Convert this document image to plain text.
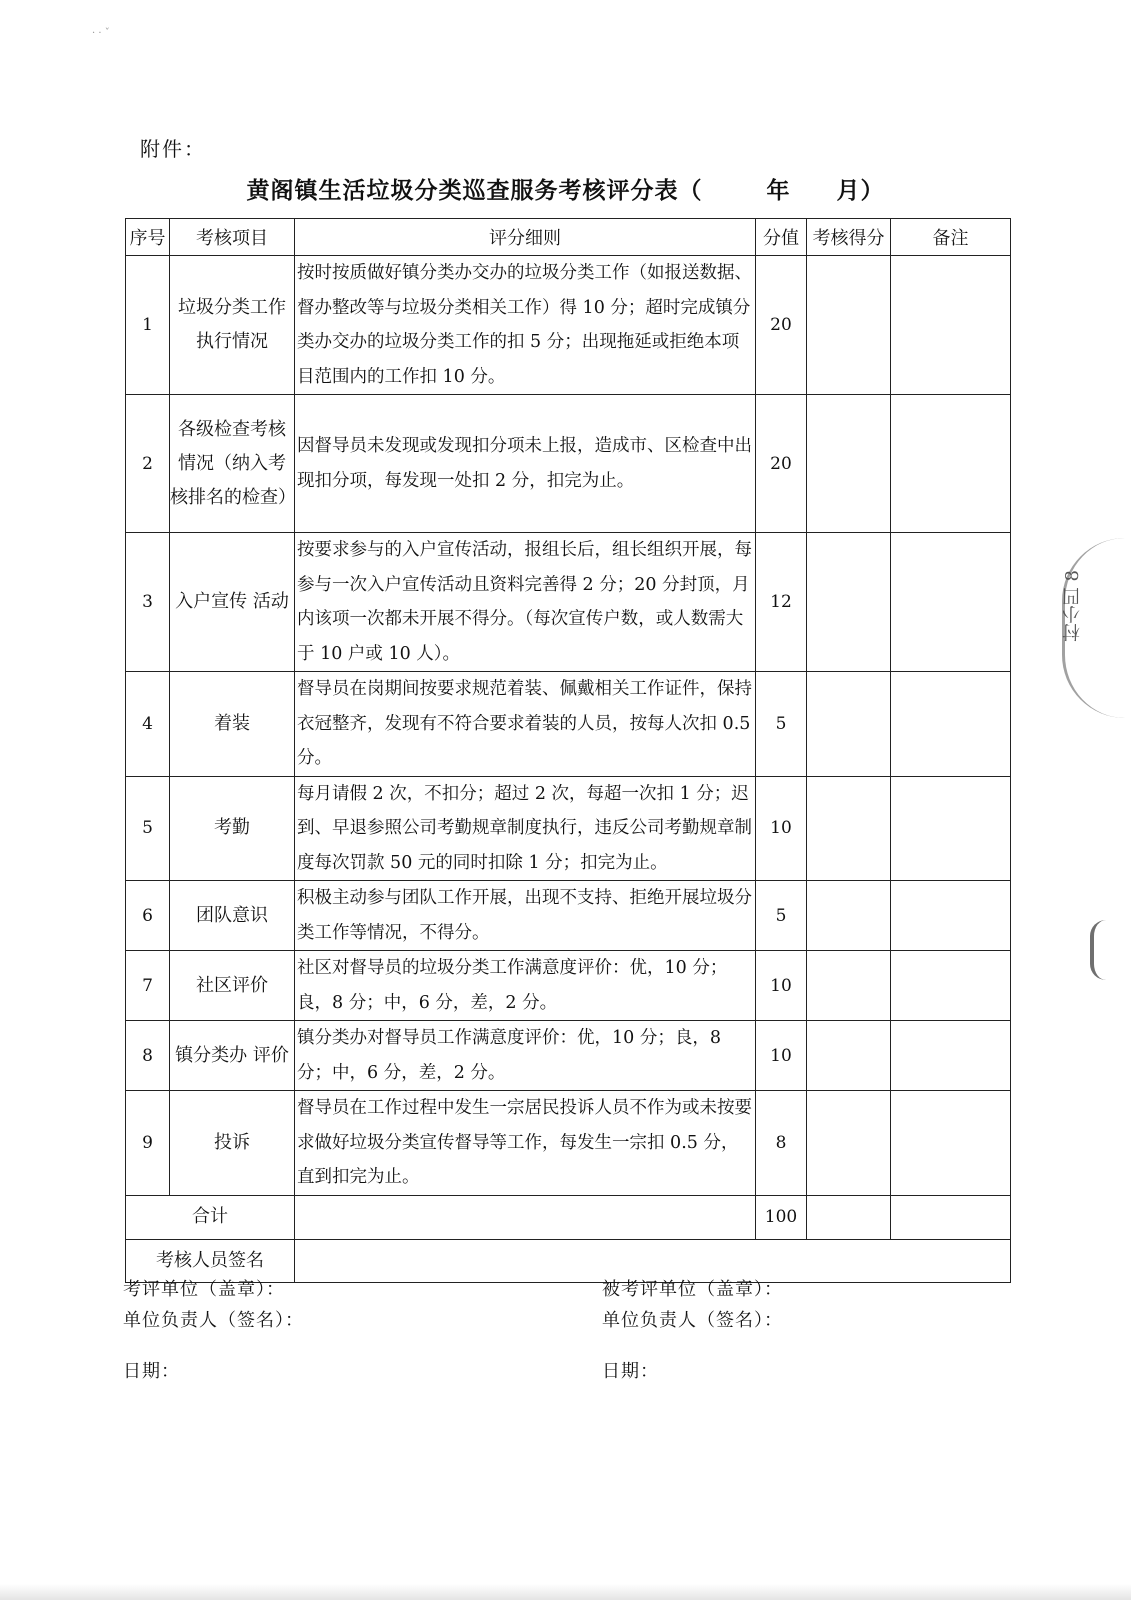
· · ˇ
附件：
黄阁镇生活垃圾分类巡查服务考核评分表（	年 月）
序号	考核项目	评分细则	分值	考核得分	备注
1	垃圾分类工作执行情况	按时按质做好镇分类办交办的垃圾分类工作（如报送数据、督办整改等与垃圾分类相关工作）得 10 分；超时完成镇分类办交办的垃圾分类工作的扣 5 分；出现拖延或拒绝本项目范围内的工作扣 10 分。	20		
2	各级检查考核情况（纳入考核排名的检查）	因督导员未发现或发现扣分项未上报，造成市、区检查中出现扣分项，每发现一处扣 2 分，扣完为止。	20		
3	入户宣传 活动	按要求参与的入户宣传活动，报组长后，组长组织开展，每参与一次入户宣传活动且资料完善得 2 分；20 分封顶，月内该项一次都未开展不得分。（每次宣传户数，或人数需大于 10 户或 10 人）。	12		
4	着装	督导员在岗期间按要求规范着装、佩戴相关工作证件，保持衣冠整齐，发现有不符合要求着装的人员，按每人次扣 0.5 分。	5		
5	考勤	每月请假 2 次，不扣分；超过 2 次，每超一次扣 1 分；迟到、早退参照公司考勤规章制度执行，违反公司考勤规章制度每次罚款 50 元的同时扣除 1 分；扣完为止。	10		
6	团队意识	积极主动参与团队工作开展，出现不支持、拒绝开展垃圾分类工作等情况，不得分。	5		
7	社区评价	社区对督导员的垃圾分类工作满意度评价：优，10 分；良，8 分；中，6 分，差，2 分。	10		
8	镇分类办 评价	镇分类办对督导员工作满意度评价：优，10 分；良，8 分；中，6 分，差，2 分。	10		
9	投诉	督导员在工作过程中发生一宗居民投诉人员不作为或未按要求做好垃圾分类宣传督导等工作，每发生一宗扣 0.5 分，直到扣完为止。	8		
合计			100		
考核人员签名					
考评单位（盖章）：
单位负责人（签名）：
日期：
被考评单位（盖章）：
单位负责人（签名）：
日期：
村小凹 8
